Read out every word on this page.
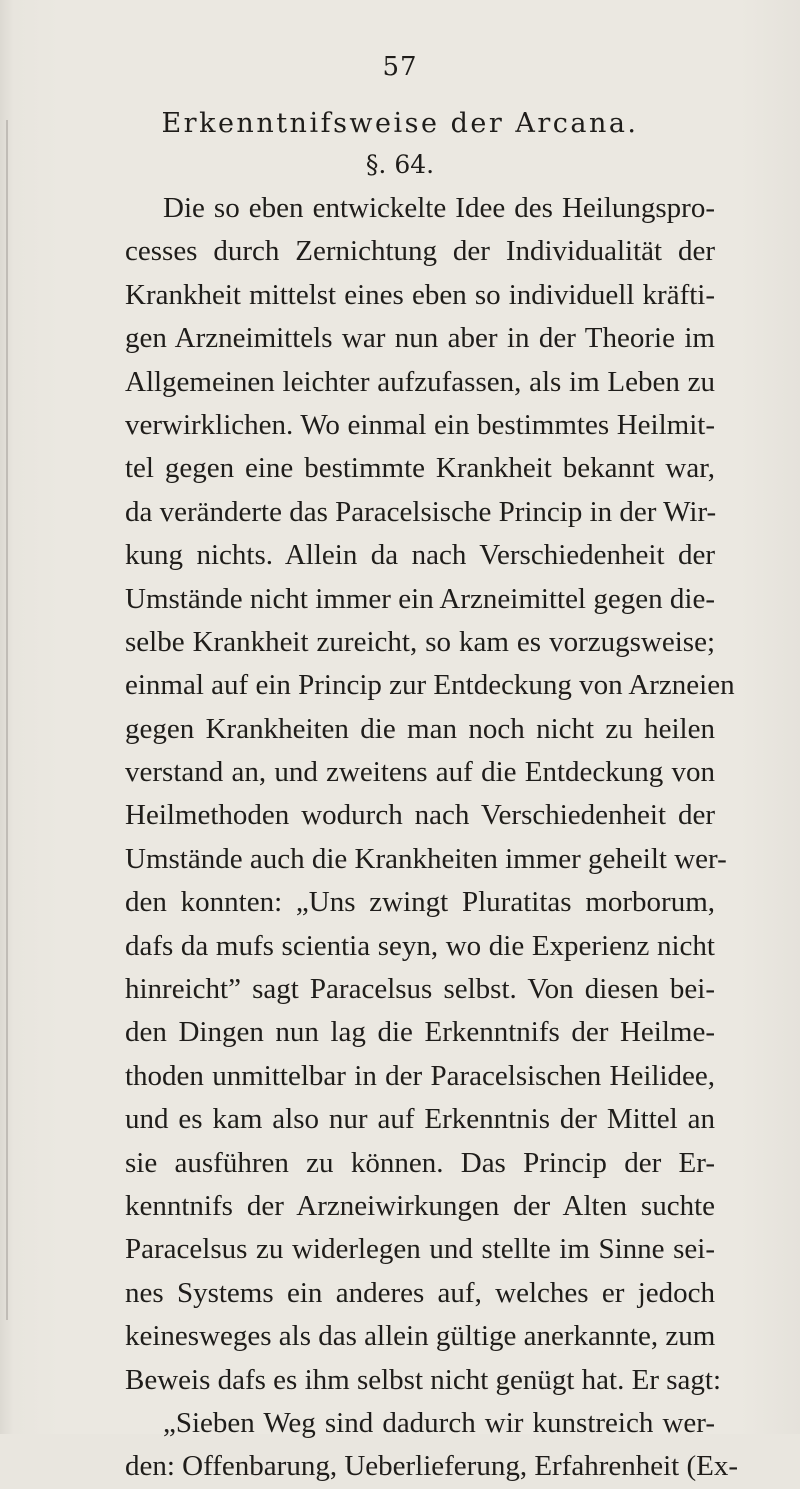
57
Erkenntnifsweise der Arcana.
§. 64.
Die so eben entwickelte Idee des Heilungspro-
cesses durch Zernichtung der Individualität der
Krankheit mittelst eines eben so individuell kräfti-
gen Arzneimittels war nun aber in der Theorie im
Allgemeinen leichter aufzufassen, als im Leben zu
verwirklichen. Wo einmal ein bestimmtes Heilmit-
tel gegen eine bestimmte Krankheit bekannt war,
da veränderte das Paracelsische Princip in der Wir-
kung nichts. Allein da nach Verschiedenheit der
Umstände nicht immer ein Arzneimittel gegen die-
selbe Krankheit zureicht, so kam es vorzugsweise;
einmal auf ein Princip zur Entdeckung von Arzneien
gegen Krankheiten die man noch nicht zu heilen
verstand an, und zweitens auf die Entdeckung von
Heilmethoden wodurch nach Verschiedenheit der
Umstände auch die Krankheiten immer geheilt wer-
den konnten: „Uns zwingt Pluratitas morborum,
dafs da mufs scientia seyn, wo die Experienz nicht
hinreicht” sagt Paracelsus selbst. Von diesen bei-
den Dingen nun lag die Erkenntnifs der Heilme-
thoden unmittelbar in der Paracelsischen Heilidee,
und es kam also nur auf Erkenntnis der Mittel an
sie ausführen zu können. Das Princip der Er-
kenntnifs der Arzneiwirkungen der Alten suchte
Paracelsus zu widerlegen und stellte im Sinne sei-
nes Systems ein anderes auf, welches er jedoch
keinesweges als das allein gültige anerkannte, zum
Beweis dafs es ihm selbst nicht genügt hat. Er sagt:
„Sieben Weg sind dadurch wir kunstreich wer-
den: Offenbarung, Ueberlieferung, Erfahrenheit (Ex-
